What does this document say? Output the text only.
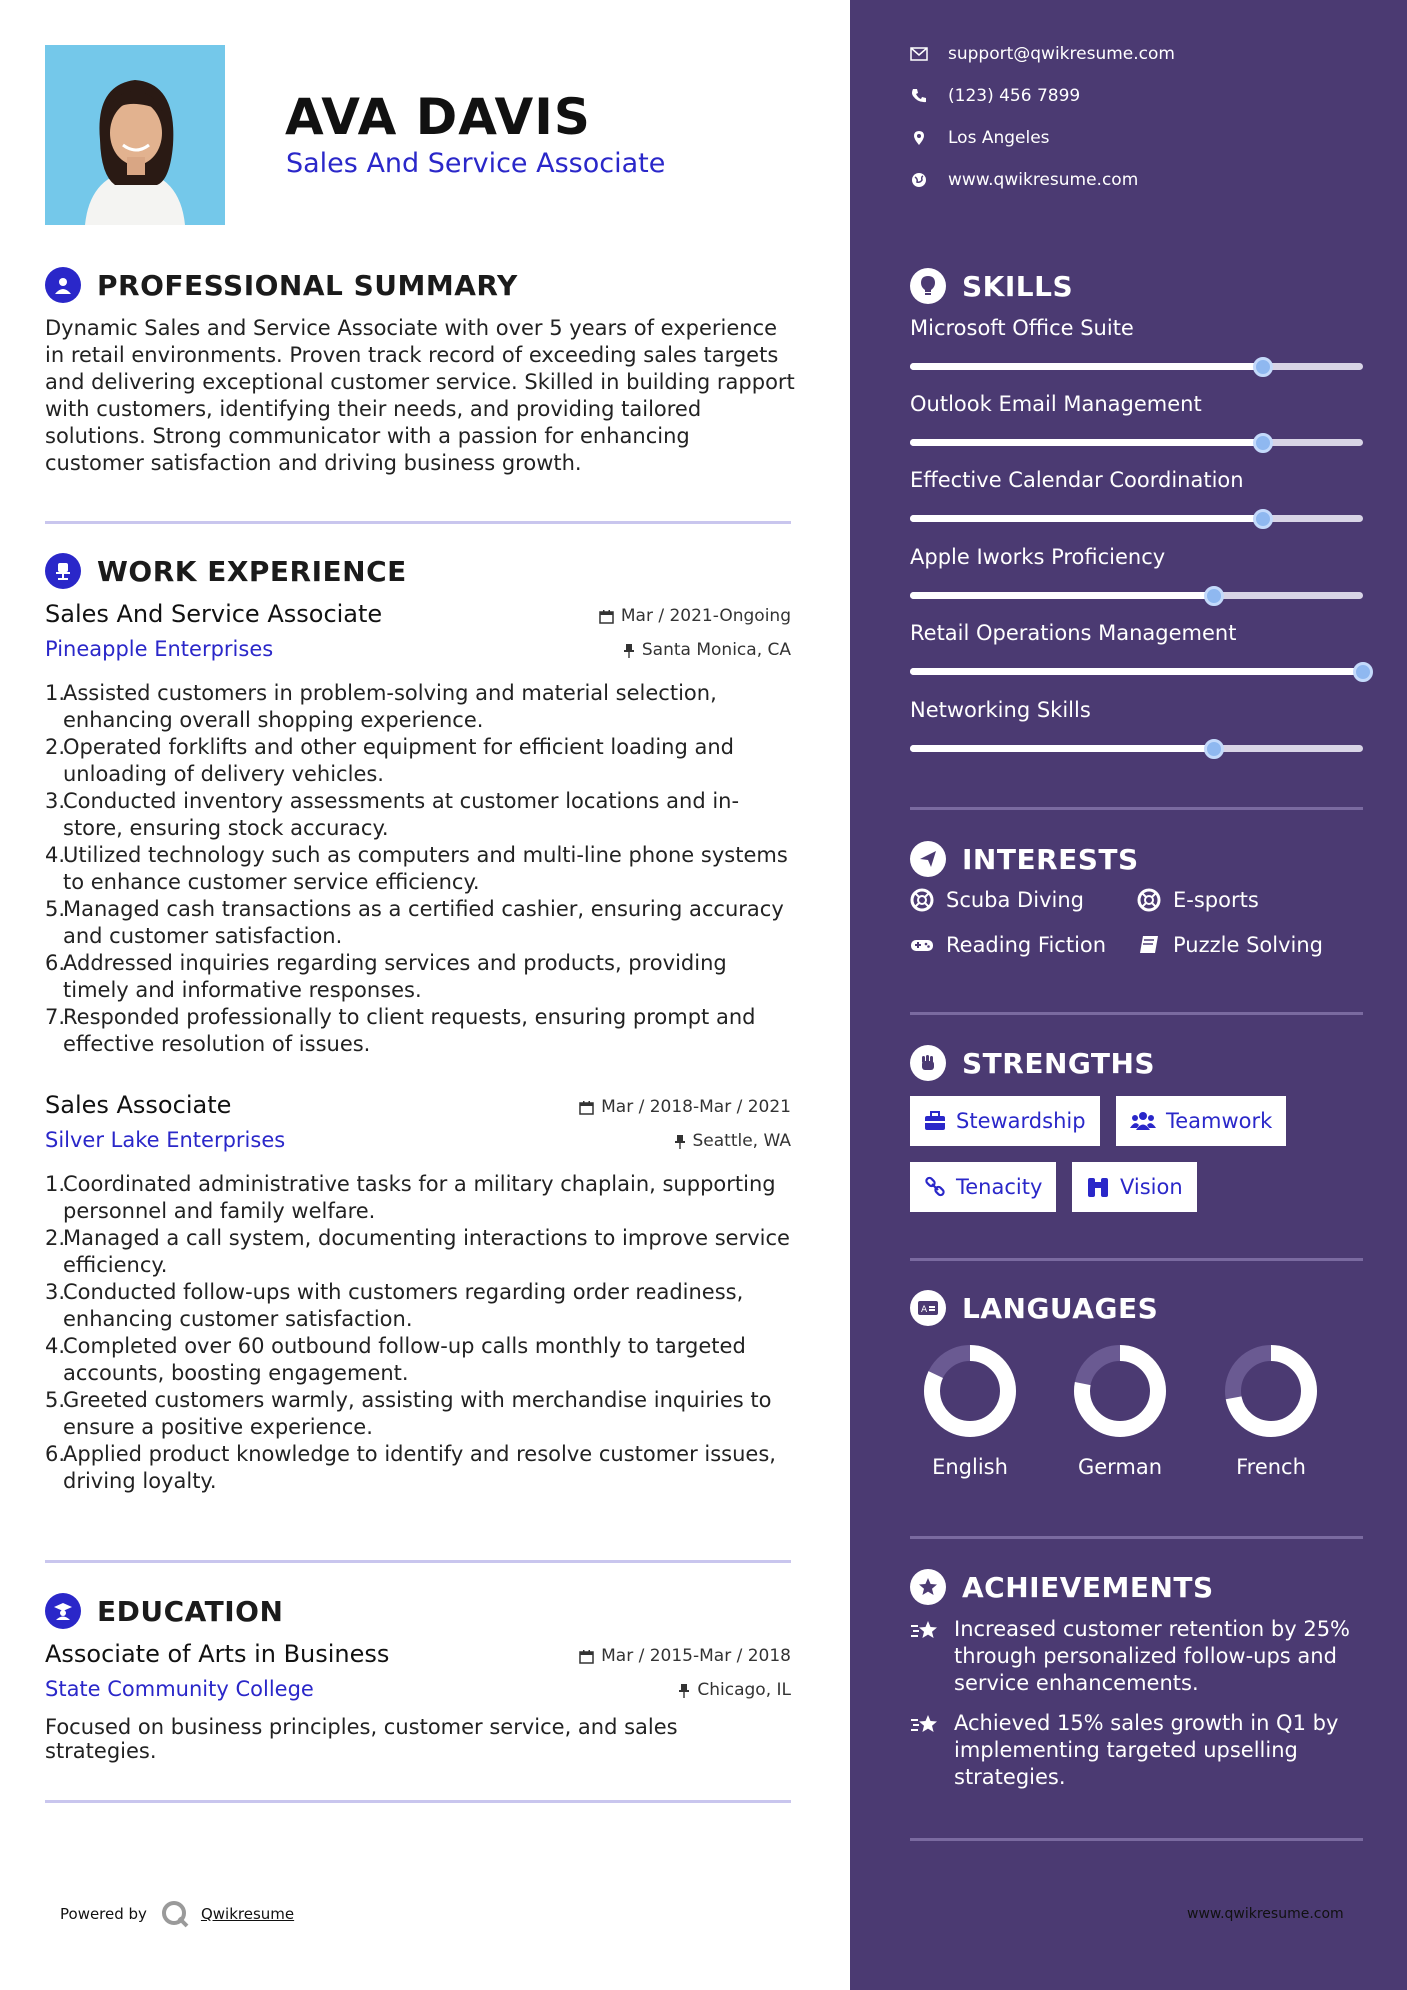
AVA DAVIS
Sales And Service Associate
PROFESSIONAL SUMMARY
Dynamic Sales and Service Associate with over 5 years of experience in retail environments. Proven track record of exceeding sales targets and delivering exceptional customer service. Skilled in building rapport with customers, identifying their needs, and providing tailored solutions. Strong communicator with a passion for enhancing customer satisfaction and driving business growth.
WORK EXPERIENCE
Sales And Service Associate
Pineapple Enterprises
Mar / 2021-Ongoing
Santa Monica, CA
1.
Assisted customers in problem-solving and material selection, enhancing overall shopping experience.
2.
Operated forklifts and other equipment for efficient loading and unloading of delivery vehicles.
3.
Conducted inventory assessments at customer locations and in-store, ensuring stock accuracy.
4.
Utilized technology such as computers and multi-line phone systems to enhance customer service efficiency.
5.
Managed cash transactions as a certified cashier, ensuring accuracy and customer satisfaction.
6.
Addressed inquiries regarding services and products, providing timely and informative responses.
7.
Responded professionally to client requests, ensuring prompt and effective resolution of issues.
Sales Associate
Silver Lake Enterprises
Mar / 2018-Mar / 2021
Seattle, WA
1.
Coordinated administrative tasks for a military chaplain, supporting personnel and family welfare.
2.
Managed a call system, documenting interactions to improve service efficiency.
3.
Conducted follow-ups with customers regarding order readiness, enhancing customer satisfaction.
4.
Completed over 60 outbound follow-up calls monthly to targeted accounts, boosting engagement.
5.
Greeted customers warmly, assisting with merchandise inquiries to ensure a positive experience.
6.
Applied product knowledge to identify and resolve customer issues, driving loyalty.
EDUCATION
Associate of Arts in Business
State Community College
Mar / 2015-Mar / 2018
Chicago, IL
Focused on business principles, customer service, and sales strategies.
Powered by	Qwikresume
support@qwikresume.com
(123) 456 7899
Los Angeles
www.qwikresume.com
SKILLS
Microsoft Office Suite
Outlook Email Management
Effective Calendar Coordination
Apple Iworks Proficiency
Retail Operations Management
Networking Skills
INTERESTS
Scuba Diving	E-sports
Reading Fiction	Puzzle Solving
STRENGTHS
Stewardship	Teamwork
Tenacity	Vision
A LANGUAGES
English	German	French
ACHIEVEMENTS
Increased customer retention by 25% through personalized follow-ups and service enhancements.
Achieved 15% sales growth in Q1 by implementing targeted upselling strategies.
www.qwikresume.com
